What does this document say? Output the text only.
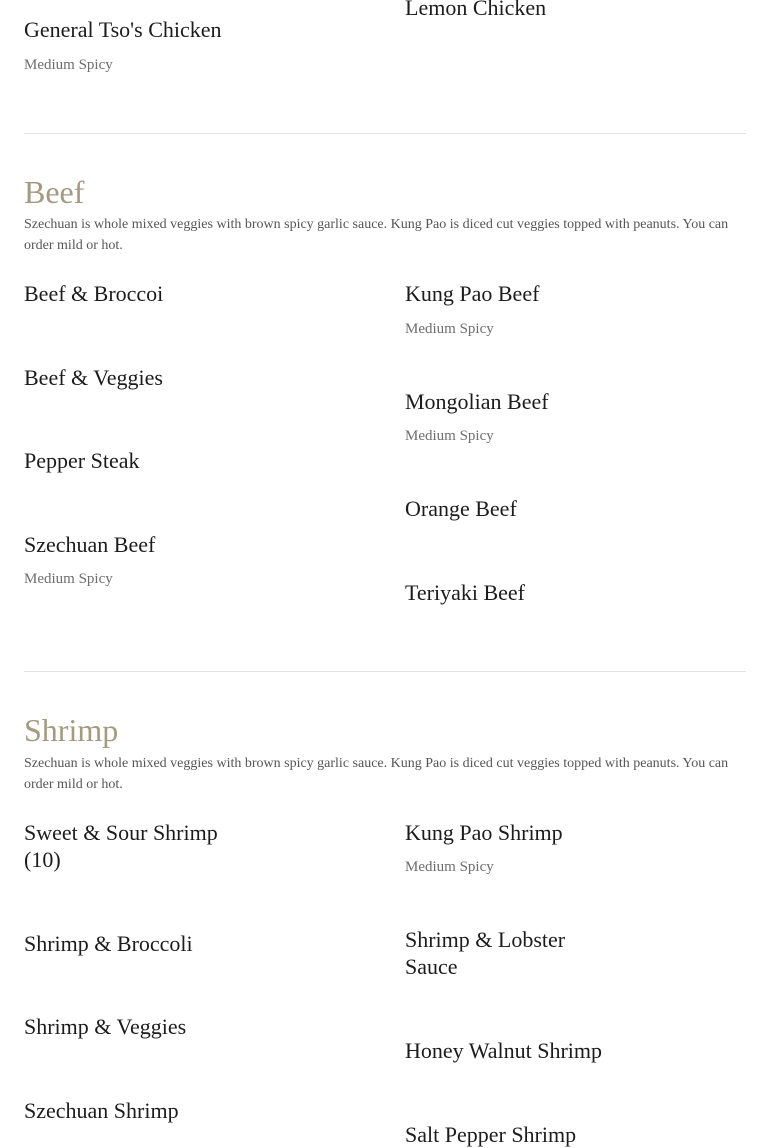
General Tso's Chicken
Medium Spicy
Lemon Chicken
Beef
Szechuan is whole mixed veggies with brown spicy garlic sauce. Kung Pao is diced cut veggies topped with peanuts. You can order mild or hot.
Beef & Broccoi
Beef & Veggies
Pepper Steak
Szechuan Beef
Medium Spicy
Kung Pao Beef
Medium Spicy
Mongolian Beef
Medium Spicy
Orange Beef
Teriyaki Beef
Shrimp
Szechuan is whole mixed veggies with brown spicy garlic sauce. Kung Pao is diced cut veggies topped with peanuts. You can order mild or hot.
Sweet & Sour Shrimp (10)
Shrimp & Broccoli
Shrimp & Veggies
Szechuan Shrimp
Kung Pao Shrimp
Medium Spicy
Shrimp & Lobster Sauce
Honey Walnut Shrimp
Salt Pepper Shrimp
